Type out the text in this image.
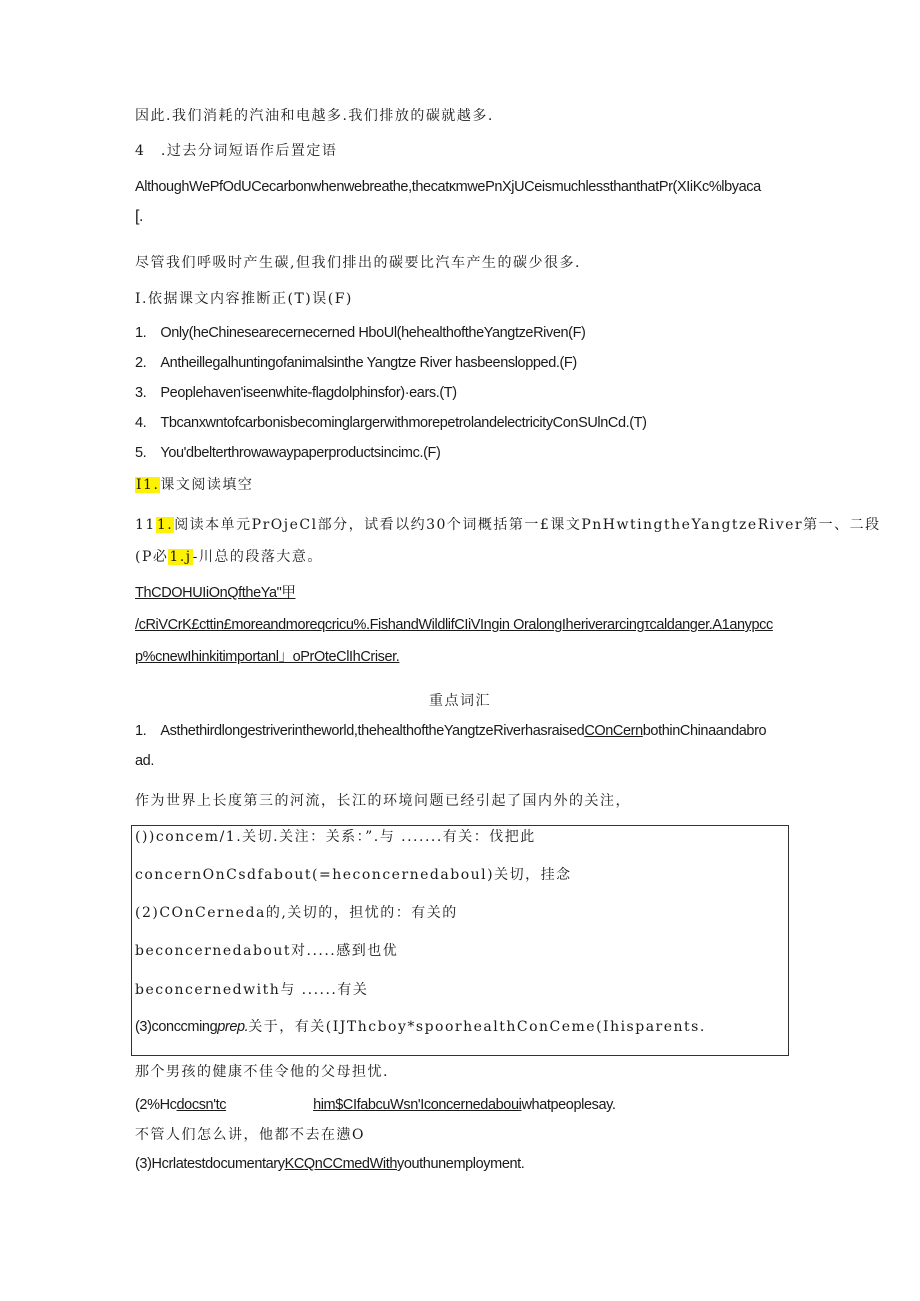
因此.我们消耗的汽油和电越多.我们排放的碳就越多.
4　.过去分词短语作后置定语
AlthoughWePfOdUCecarbonwhenwebreathe,thecatκmwePnXjUCeismuchlessthanthatPr(XIiKc%lbyaca
[.
尽管我们呼吸时产生碳,但我们排出的碳要比汽车产生的碳少很多.
I.依据课文内容推断正(T)误(F)
1.　Only(heChinesearecernecerned HboUl(hehealthoftheYangtzeRiven(F)
2.　Antheillegalhuntingofanimalsinthe Yangtze River hasbeenslopped.(F)
3.　Peoplehaven'iseenwhite-flagdolphinsfor)·ears.(T)
4.　TbcanxwntofcarbonisbecominglargerwithmorepetrolandelectricityConSUlnCd.(T)
5.　You'dbelterthrowawaypaperproductsincimc.(F)
I1.课文阅读填空
111.阅读本单元PrOjeCl部分，试看以约30个词概括第一£课文PnHwtingtheYangtzeRiver第一、二段
(P必1.j-川总的段落大意。
ThCDOHUIiOnQftheYa"甲
/cRiVCrK£cttin£moreandmoreqcricu%.FishandWildlifCIiVIngin OralongIheriverarcingτcaldanger.A1anypcc
p%cnewIhinkitimportanl」oPrOteClIhCriser.
重点词汇
1.　Asthethirdlongestriverintheworld,thehealthoftheYangtzeRiverhasraisedCOnCernbothinChinaandabro
ad.
作为世界上长度第三的河流，长江的环境问题已经引起了国内外的关注，
())concem/1.关切.关注：关系：”.与 .......有关：伐把此
concernOnCsdfabout(=heconcernedaboul)关切，挂念
(2)COnCerneda的,关切的，担忧的：有关的
beconcernedabout对.....感到也优
beconcernedwith与 ......有关
(3)conccmingprep.关于，有关(IJThcboy*spoorhealthConCeme(Ihisparents.
那个男孩的健康不佳令他的父母担忧.
(2%Hcdocsn'tc	him$CIfabcuWsn'Iconcernedabouiwhatpeoplesay.
不管人们怎么讲，他都不去在懑O
(3)HcrlatestdocumentaryKCQnCCmedWithyouthunemployment.
